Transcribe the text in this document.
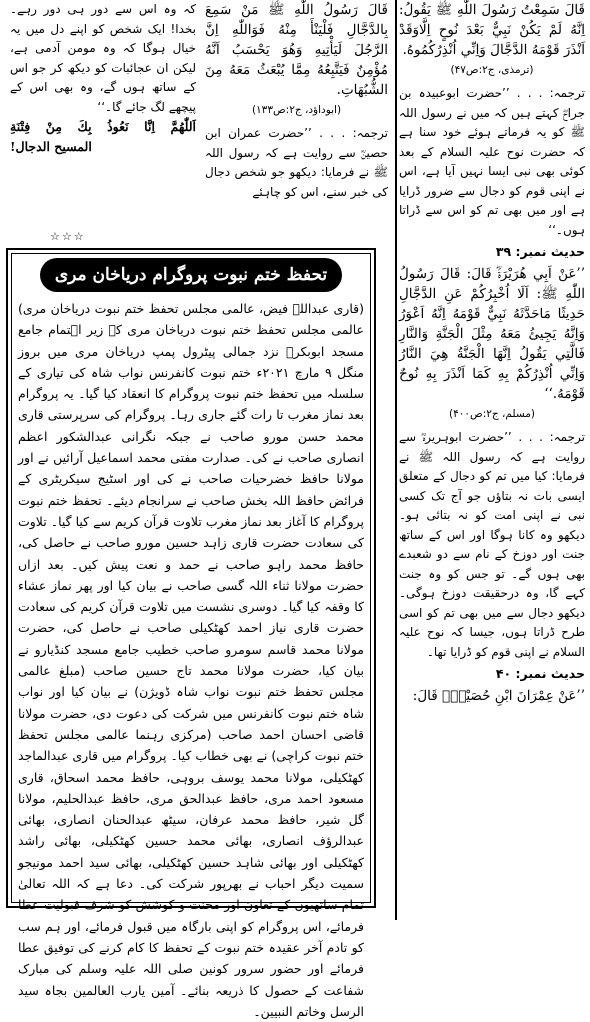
قَالَ سَمِعْتُ رَسُولَ اللّٰهِ ﷺ يَقُولُ: اِنَّهُ لَمْ يَكُنْ نَبِيٌّ بَعْدَ نُوحٍ اِلَّاوَقَدْ اَنْذَرَ قَوْمَهُ الدَّجَّالَ وَاِنِّي اُنْذِرُكُمُوهُ.

(ترمذی، ج۲:ص۴۷)

ترجمہ: . . . ’’حضرت ابوعبیدہ بن جراحؓ کہتے ہیں کہ میں نے رسول اللہ ﷺ کو یہ فرماتے ہوئے خود سنا ہے کہ حضرت نوح علیہ السلام کے بعد کوئی بھی نبی ایسا نہیں آیا ہے، اس نے اپنی قوم کو دجال سے ضرور ڈرایا ہے اور میں بھی تم کو اس سے ڈراتا ہوں۔‘‘

حدیث نمبر: ۳۹

’’عَنْ اَبِي هُرَيْرَةَؓ قَالَ: قَالَ رَسُولُ اللّٰهِ ﷺ: اَلَا اُخْبِرُكُمْ عَنِ الدَّجَّالِ حَدِيثًا مَاحَدَّثَهُ نَبِيٌّ قَوْمَهُ اِنَّهُ اَعْوَرُ وَاِنَّهُ يَجِيئُ مَعَهُ مِثْلَ الْجَنَّةِ وَالنَّارِ فَالَّتِي يَقُولُ اِنَّهَا الْجَنَّةُ هِيَ النَّارُ وَاِنِّي اُنْذِرُكُمْ بِهِ كَمَا اَنْذَرَ بِهِ نُوحٌ قَوْمَهُ.‘‘

(مسلم، ج۲:ص۴۰۰)

ترجمہ: . . . ’’حضرت ابوہریرہؓ سے روایت ہے کہ رسول اللہ ﷺ نے فرمایا: کیا میں تم کو دجال کے متعلق ایسی بات نہ بتاؤں جو آج تک کسی نبی نے اپنی امت کو نہ بتائی ہو۔ دیکھو وہ کانا ہوگا اور اس کے ساتھ جنت اور دوزخ کے نام سے دو شعبدے بھی ہوں گے۔ تو جس کو وہ جنت کہے گا، وہ درحقیقت دوزخ ہوگی۔ دیکھو دجال سے میں بھی تم کو اسی طرح ڈراتا ہوں، جیسا کہ نوح علیہ السلام نے اپنی قوم کو ڈرایا تھا۔

حدیث نمبر: ۴۰

’’عَنْ عِمْرَانَ ابْنِ حُصَيْنٍؓ قَالَ:

قَالَ رَسُولُ اللّٰهِ ﷺ مَنْ سَمِعَ بِالدَّجَّالِ فَلْيَنْأَ مِنْهُ فَوَاللّٰهِ اِنَّ الرَّجُلَ لَيَأْتِيهِ وَهُوَ يَحْسَبُ اَنَّهُ مُؤْمِنٌ فَيَتَّبِعُهُ مِمَّا يُبْعَثُ مَعَهُ مِنَ الشُّبُهَاتِ.

(ابوداؤد، ج۲:ص۱۳۳)

ترجمہ: . . . ’’حضرت عمران ابن حصینؓ سے روایت ہے کہ رسول اللہ ﷺ نے فرمایا: دیکھو جو شخص دجال کی خبر سنے، اس کو چاہئے

کہ وہ اس سے دور ہی دور رہے۔ بخدا! ایک شخص کو اپنے دل میں یہ خیال ہوگا کہ وہ مومن آدمی ہے، لیکن ان عجائبات کو دیکھ کر جو اس کے ساتھ ہوں گے، وہ بھی اس کے پیچھے لگ جائے گا۔‘‘

اَللّٰهُمَّ اِنَّا نَعُوذُ بِكَ مِنْ فِتْنَةِ

المسيح الدجال!

☆☆☆
تحفظ ختم نبوت پروگرام دریاخان مری

(قاری عبداللہ فیض، عالمی مجلس تحفظ ختم نبوت دریاخان مری) عالمی مجلس تحفظ ختم نبوت دریاخان مری کے زیر اہتمام جامع مسجد ابوبکرؓ نزد جمالی پیٹرول پمپ دریاخان مری میں بروز منگل ۹ مارچ ۲۰۲۱ء ختم نبوت کانفرنس نواب شاہ کی تیاری کے سلسلہ میں تحفظ ختم نبوت پروگرام کا انعقاد کیا گیا۔ یہ پروگرام بعد نماز مغرب تا رات گئے جاری رہا۔ پروگرام کی سرپرستی قاری محمد حسن مورو صاحب نے جبکہ نگرانی عبدالشکور اعظم انصاری صاحب نے کی۔ صدارت مفتی محمد اسماعیل آرائیں نے اور مولانا حافظ خضرحیات صاحب نے کی اور اسٹیج سیکریٹری کے فرائض حافظ اللہ بخش صاحب نے سرانجام دیئے۔ تحفظ ختم نبوت پروگرام کا آغاز بعد نماز مغرب تلاوت قرآن کریم سے کیا گیا۔ تلاوت کی سعادت حضرت قاری زاہد حسین مورو صاحب نے حاصل کی، حافظ محمد راہو صاحب نے حمد و نعت پیش کیں۔ بعد ازاں حضرت مولانا ثناء اللہ گسی صاحب نے بیان کیا اور پھر نماز عشاء کا وقفہ کیا گیا۔ دوسری نشست میں تلاوت قرآن کریم کی سعادت حضرت قاری نیاز احمد کھٹکیلی صاحب نے حاصل کی، حضرت مولانا محمد قاسم سومرو صاحب خطیب جامع مسجد کنڈیارو نے بیان کیا، حضرت مولانا محمد تاج حسین صاحب (مبلغ عالمی مجلس تحفظ ختم نبوت نواب شاہ ڈویژن) نے بیان کیا اور نواب شاہ ختم نبوت کانفرنس میں شرکت کی دعوت دی، حضرت مولانا قاضی احسان احمد صاحب (مرکزی رہنما عالمی مجلس تحفظ ختم نبوت کراچی) نے بھی خطاب کیا۔ پروگرام میں قاری عبدالماجد کھٹکیلی، مولانا محمد یوسف بروہی، حافظ محمد اسحاق، قاری مسعود احمد مری، حافظ عبدالحق مری، حافظ عبدالحلیم، مولانا گل شیر، حافظ محمد عرفان، سیٹھ عبدالحنان انصاری، بھائی عبدالرؤف انصاری، بھائی محمد حسین کھٹکیلی، بھائی راشد کھٹکیلی اور بھائی شاہد حسین کھٹکیلی، بھائی سید احمد مونیجو سمیت دیگر احباب نے بھرپور شرکت کی۔ دعا ہے کہ اللہ تعالیٰ تمام ساتھیوں کے تعاون اور محنت و کوشش کو شرف قبولیت عطا فرمائے، اس پروگرام کو اپنی بارگاہ میں قبول فرمائے، اور ہم سب کو تادم آخر عقیدہ ختم نبوت کے تحفظ کا کام کرنے کی توفیق عطا فرمائے اور حضور سرور کونین صلی اللہ علیہ وسلم کی مبارک شفاعت کے حصول کا ذریعہ بنائے۔ آمین یارب العالمین بجاہ سید الرسل وخاتم النبیین۔
